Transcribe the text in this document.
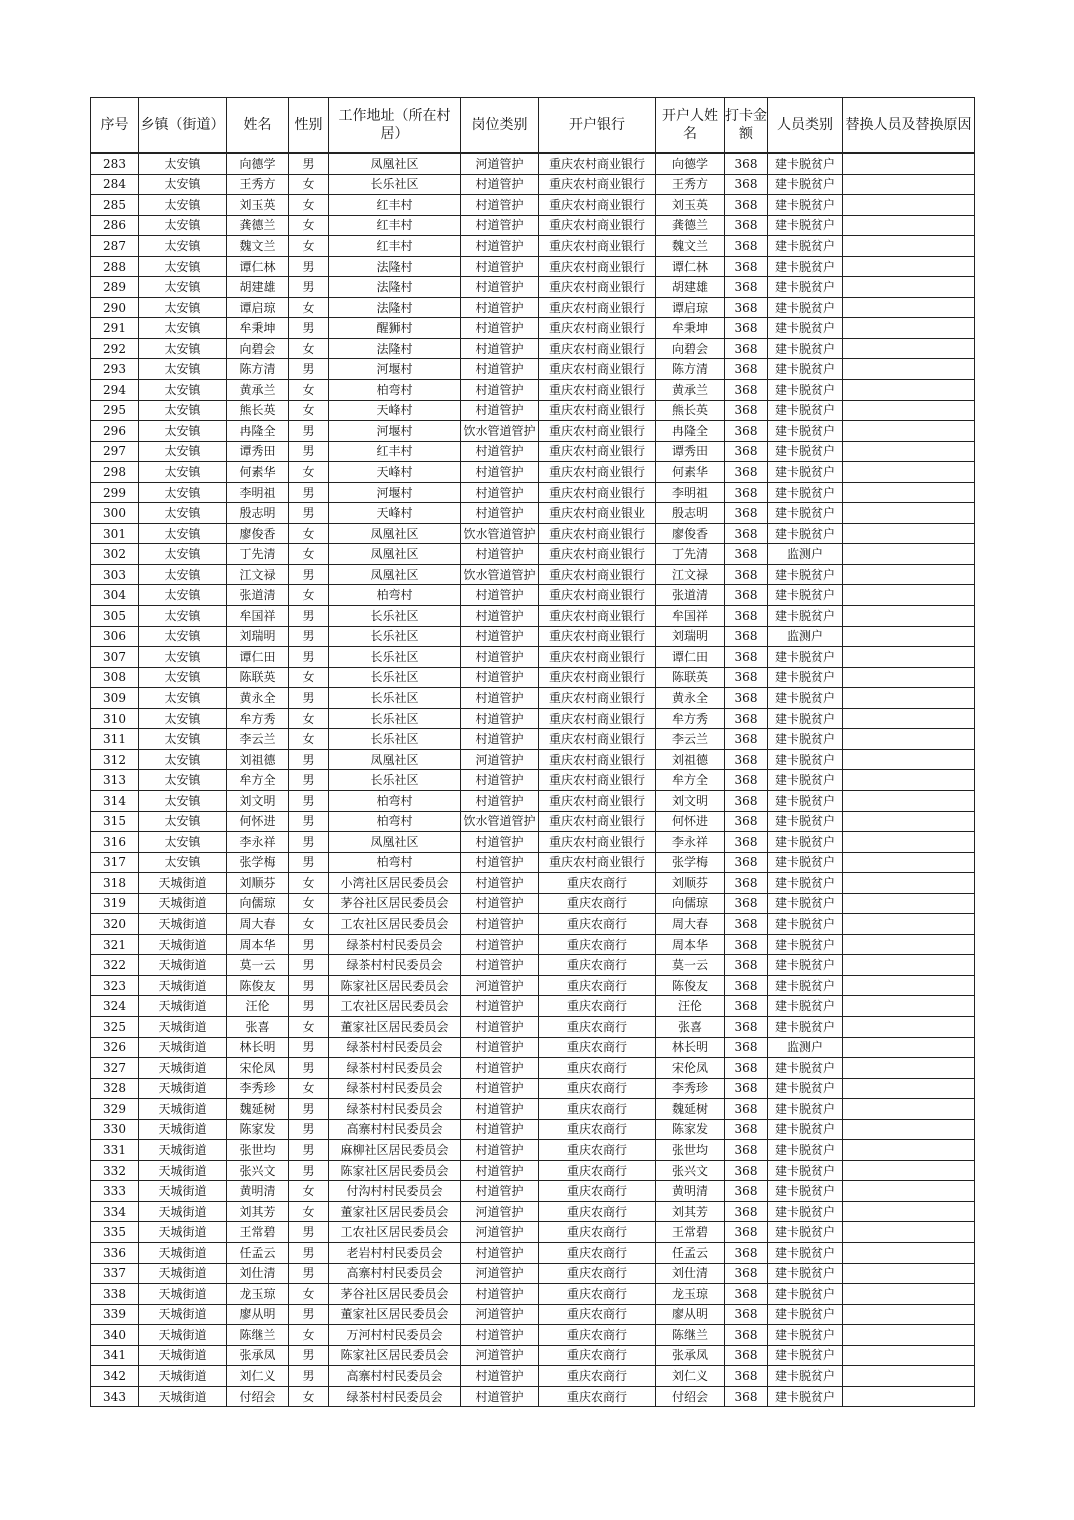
序号	乡镇（街道）	姓名	性别	工作地址（所在村居）	岗位类别	开户银行	开户人姓名	打卡金额	人员类别	替换人员及替换原因
283	太安镇	向德学	男	凤凰社区	河道管护	重庆农村商业银行	向德学	368	建卡脱贫户	
284	太安镇	王秀方	女	长乐社区	村道管护	重庆农村商业银行	王秀方	368	建卡脱贫户	
285	太安镇	刘玉英	女	红丰村	村道管护	重庆农村商业银行	刘玉英	368	建卡脱贫户	
286	太安镇	龚德兰	女	红丰村	村道管护	重庆农村商业银行	龚德兰	368	建卡脱贫户	
287	太安镇	魏文兰	女	红丰村	村道管护	重庆农村商业银行	魏文兰	368	建卡脱贫户	
288	太安镇	谭仁林	男	法隆村	村道管护	重庆农村商业银行	谭仁林	368	建卡脱贫户	
289	太安镇	胡建雄	男	法隆村	村道管护	重庆农村商业银行	胡建雄	368	建卡脱贫户	
290	太安镇	谭启琼	女	法隆村	村道管护	重庆农村商业银行	谭启琼	368	建卡脱贫户	
291	太安镇	牟秉坤	男	醒狮村	村道管护	重庆农村商业银行	牟秉坤	368	建卡脱贫户	
292	太安镇	向碧会	女	法隆村	村道管护	重庆农村商业银行	向碧会	368	建卡脱贫户	
293	太安镇	陈方清	男	河堰村	村道管护	重庆农村商业银行	陈方清	368	建卡脱贫户	
294	太安镇	黄承兰	女	柏弯村	村道管护	重庆农村商业银行	黄承兰	368	建卡脱贫户	
295	太安镇	熊长英	女	天峰村	村道管护	重庆农村商业银行	熊长英	368	建卡脱贫户	
296	太安镇	冉隆全	男	河堰村	饮水管道管护	重庆农村商业银行	冉隆全	368	建卡脱贫户	
297	太安镇	谭秀田	男	红丰村	村道管护	重庆农村商业银行	谭秀田	368	建卡脱贫户	
298	太安镇	何素华	女	天峰村	村道管护	重庆农村商业银行	何素华	368	建卡脱贫户	
299	太安镇	李明祖	男	河堰村	村道管护	重庆农村商业银行	李明祖	368	建卡脱贫户	
300	太安镇	殷志明	男	天峰村	村道管护	重庆农村商业银业	殷志明	368	建卡脱贫户	
301	太安镇	廖俊香	女	凤凰社区	饮水管道管护	重庆农村商业银行	廖俊香	368	建卡脱贫户	
302	太安镇	丁先清	女	凤凰社区	村道管护	重庆农村商业银行	丁先清	368	监测户	
303	太安镇	江文禄	男	凤凰社区	饮水管道管护	重庆农村商业银行	江文禄	368	建卡脱贫户	
304	太安镇	张道清	女	柏弯村	村道管护	重庆农村商业银行	张道清	368	建卡脱贫户	
305	太安镇	牟国祥	男	长乐社区	村道管护	重庆农村商业银行	牟国祥	368	建卡脱贫户	
306	太安镇	刘瑞明	男	长乐社区	村道管护	重庆农村商业银行	刘瑞明	368	监测户	
307	太安镇	谭仁田	男	长乐社区	村道管护	重庆农村商业银行	谭仁田	368	建卡脱贫户	
308	太安镇	陈联英	女	长乐社区	村道管护	重庆农村商业银行	陈联英	368	建卡脱贫户	
309	太安镇	黄永全	男	长乐社区	村道管护	重庆农村商业银行	黄永全	368	建卡脱贫户	
310	太安镇	牟方秀	女	长乐社区	村道管护	重庆农村商业银行	牟方秀	368	建卡脱贫户	
311	太安镇	李云兰	女	长乐社区	村道管护	重庆农村商业银行	李云兰	368	建卡脱贫户	
312	太安镇	刘祖德	男	凤凰社区	河道管护	重庆农村商业银行	刘祖德	368	建卡脱贫户	
313	太安镇	牟方全	男	长乐社区	村道管护	重庆农村商业银行	牟方全	368	建卡脱贫户	
314	太安镇	刘文明	男	柏弯村	村道管护	重庆农村商业银行	刘文明	368	建卡脱贫户	
315	太安镇	何怀进	男	柏弯村	饮水管道管护	重庆农村商业银行	何怀进	368	建卡脱贫户	
316	太安镇	李永祥	男	凤凰社区	村道管护	重庆农村商业银行	李永祥	368	建卡脱贫户	
317	太安镇	张学梅	男	柏弯村	村道管护	重庆农村商业银行	张学梅	368	建卡脱贫户	
318	天城街道	刘顺芬	女	小湾社区居民委员会	村道管护	重庆农商行	刘顺芬	368	建卡脱贫户	
319	天城街道	向儒琼	女	茅谷社区居民委员会	村道管护	重庆农商行	向儒琼	368	建卡脱贫户	
320	天城街道	周大春	女	工农社区居民委员会	村道管护	重庆农商行	周大春	368	建卡脱贫户	
321	天城街道	周本华	男	绿茶村村民委员会	村道管护	重庆农商行	周本华	368	建卡脱贫户	
322	天城街道	莫一云	男	绿茶村村民委员会	村道管护	重庆农商行	莫一云	368	建卡脱贫户	
323	天城街道	陈俊友	男	陈家社区居民委员会	河道管护	重庆农商行	陈俊友	368	建卡脱贫户	
324	天城街道	汪伦	男	工农社区居民委员会	村道管护	重庆农商行	汪伦	368	建卡脱贫户	
325	天城街道	张喜	女	董家社区居民委员会	村道管护	重庆农商行	张喜	368	建卡脱贫户	
326	天城街道	林长明	男	绿茶村村民委员会	村道管护	重庆农商行	林长明	368	监测户	
327	天城街道	宋伦凤	男	绿茶村村民委员会	村道管护	重庆农商行	宋伦凤	368	建卡脱贫户	
328	天城街道	李秀珍	女	绿茶村村民委员会	村道管护	重庆农商行	李秀珍	368	建卡脱贫户	
329	天城街道	魏延树	男	绿茶村村民委员会	村道管护	重庆农商行	魏延树	368	建卡脱贫户	
330	天城街道	陈家发	男	高寨村村民委员会	村道管护	重庆农商行	陈家发	368	建卡脱贫户	
331	天城街道	张世均	男	麻柳社区居民委员会	村道管护	重庆农商行	张世均	368	建卡脱贫户	
332	天城街道	张兴文	男	陈家社区居民委员会	村道管护	重庆农商行	张兴文	368	建卡脱贫户	
333	天城街道	黄明清	女	付沟村村民委员会	村道管护	重庆农商行	黄明清	368	建卡脱贫户	
334	天城街道	刘其芳	女	董家社区居民委员会	河道管护	重庆农商行	刘其芳	368	建卡脱贫户	
335	天城街道	王常碧	男	工农社区居民委员会	河道管护	重庆农商行	王常碧	368	建卡脱贫户	
336	天城街道	任孟云	男	老岩村村民委员会	村道管护	重庆农商行	任孟云	368	建卡脱贫户	
337	天城街道	刘仕清	男	高寨村村民委员会	河道管护	重庆农商行	刘仕清	368	建卡脱贫户	
338	天城街道	龙玉琼	女	茅谷社区居民委员会	村道管护	重庆农商行	龙玉琼	368	建卡脱贫户	
339	天城街道	廖从明	男	董家社区居民委员会	河道管护	重庆农商行	廖从明	368	建卡脱贫户	
340	天城街道	陈继兰	女	万河村村民委员会	村道管护	重庆农商行	陈继兰	368	建卡脱贫户	
341	天城街道	张承凤	男	陈家社区居民委员会	河道管护	重庆农商行	张承凤	368	建卡脱贫户	
342	天城街道	刘仁义	男	高寨村村民委员会	村道管护	重庆农商行	刘仁义	368	建卡脱贫户	
343	天城街道	付绍会	女	绿茶村村民委员会	村道管护	重庆农商行	付绍会	368	建卡脱贫户	
